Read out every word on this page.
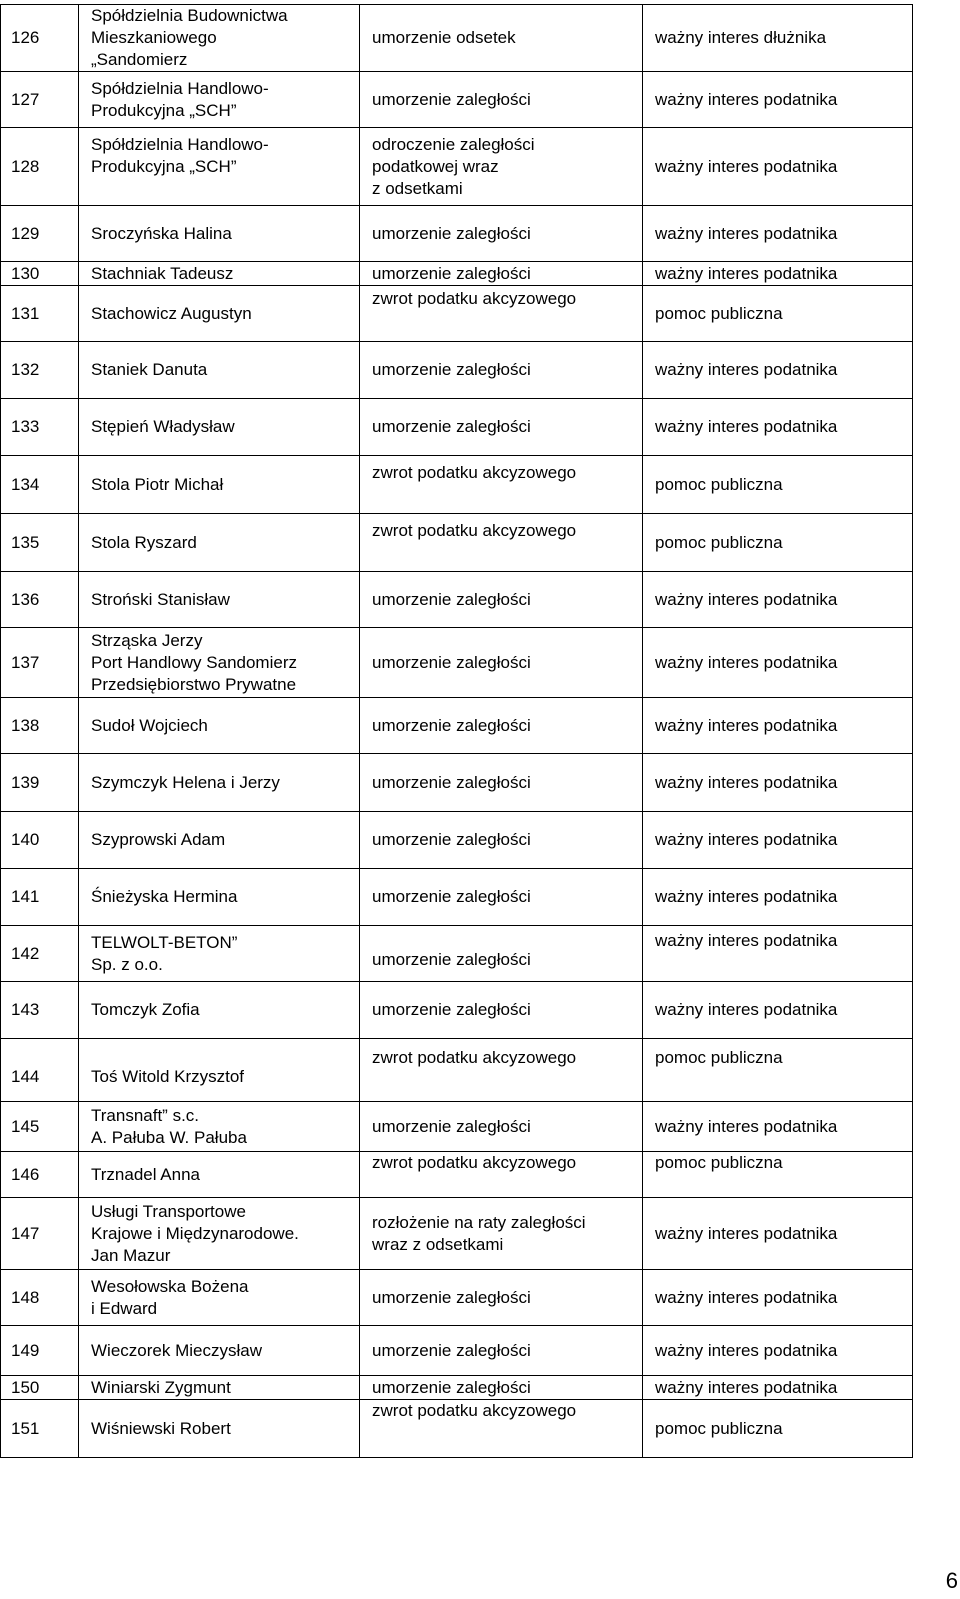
126	Spółdzielnia Budownictwa
Mieszkaniowego
„Sandomierz	umorzenie odsetek	ważny interes dłużnika
127	Spółdzielnia Handlowo-
Produkcyjna „SCH”	umorzenie zaległości	ważny interes podatnika
128	Spółdzielnia Handlowo-
Produkcyjna „SCH”	odroczenie zaległości
podatkowej wraz
z odsetkami	ważny interes podatnika
129	Sroczyńska Halina	umorzenie zaległości	ważny interes podatnika
130	Stachniak Tadeusz	umorzenie zaległości	ważny interes podatnika
131	Stachowicz Augustyn	zwrot podatku akcyzowego	pomoc publiczna
132	Staniek Danuta	umorzenie zaległości	ważny interes podatnika
133	Stępień Władysław	umorzenie zaległości	ważny interes podatnika
134	Stola Piotr Michał	zwrot podatku akcyzowego	pomoc publiczna
135	Stola Ryszard	zwrot podatku akcyzowego	pomoc publiczna
136	Stroński Stanisław	umorzenie zaległości	ważny interes podatnika
137	Strząska Jerzy
Port Handlowy Sandomierz
Przedsiębiorstwo Prywatne	umorzenie zaległości	ważny interes podatnika
138	Sudoł Wojciech	umorzenie zaległości	ważny interes podatnika
139	Szymczyk Helena i Jerzy	umorzenie zaległości	ważny interes podatnika
140	Szyprowski Adam	umorzenie zaległości	ważny interes podatnika
141	Śnieżyska Hermina	umorzenie zaległości	ważny interes podatnika
142	TELWOLT-BETON”
Sp. z o.o.	umorzenie zaległości	ważny interes podatnika
143	Tomczyk Zofia	umorzenie zaległości	ważny interes podatnika
144	Toś Witold Krzysztof	zwrot podatku akcyzowego	pomoc publiczna
145	Transnaft” s.c.
A. Pałuba W. Pałuba	umorzenie zaległości	ważny interes podatnika
146	Trznadel Anna	zwrot podatku akcyzowego	pomoc publiczna
147	Usługi Transportowe
Krajowe i Międzynarodowe.
Jan Mazur	rozłożenie na raty zaległości
wraz z odsetkami	ważny interes podatnika
148	Wesołowska Bożena
i Edward	umorzenie zaległości	ważny interes podatnika
149	Wieczorek Mieczysław	umorzenie zaległości	ważny interes podatnika
150	Winiarski Zygmunt	umorzenie zaległości	ważny interes podatnika
151	Wiśniewski Robert	zwrot podatku akcyzowego	pomoc publiczna
6
